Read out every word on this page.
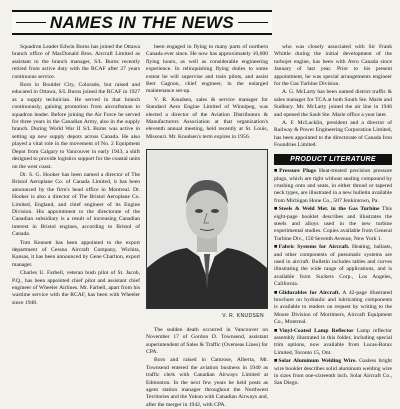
NAMES IN THE NEWS

Squadron Leader Edwin Burns has joined the Ottawa branch office of MacDonald Bros. Aircraft Limited as assistant to the branch manager, S/L Burns recently retired from active duty with the RCAF after 27 years continuous service.

Born in Boulder City, Colorado, but raised and educated in Ottawa, S/L Burns joined the RCAF in 1927 as a supply technician. He served in that branch continuously, gaining promotion from aircraftsman to squadron leader. Before joining the Air Force he served for three years in the Canadian Army, also in the supply branch. During World War II S/L Burns was active in setting up new supply depots across Canada. He also played a vital role in the movement of No. 2 Equipment Depot from Calgary to Vancouver in early 1943, a shift designed to provide logistics support for the coastal units on the west coast.

Dr. S. G. Hooker has been named a director of The Bristol Aeroplane Co. of Canada Limited, it has been announced by the firm's head office in Montreal. Dr. Hooker is also a director of The Bristol Aeroplane Co. Limited, England, and chief engineer of its Engine Division. His appointment to the directorate of the Canadian subsidiary is a result of increasing Canadian interest in Bristol engines, according to Bristol of Canada.

Tom Kennett has been appointed to the export department of Cessna Aircraft Company, Wichita, Kansas, it has been announced by Gene Charlton, export manager.

Charles U. Farbell, veteran bush pilot of St. Jacob, P.Q., has been appointed chief pilot and assistant chief engineer of Wheeler Airlines. Mr. Farbell, apart from his wartime service with the RCAF, has been with Wheeler since 1948.

been engaged in flying to many parts of northern Canada ever since. He now has approximately 10,000 flying hours, as well as considerable engineering experience. In relinquishing flying duties to some extent he will supervise and train pilots, and assist Bert Gagnon, chief engineer, in the enlarged maintenance set-up.

V. R. Knudsen, sales & service manager for Standard Aero Engine Limited of Winnipeg, was elected a director of the Aviation Distributors & Manufacturers Association at that organization's eleventh annual meeting, held recently at St. Louis, Missouri. Mr. Knudsen's term expires in 1956.

V. R. KNUDSEN

The sudden death occurred in Vancouver on November 17 of Gordon D. Townsend, assistant superintendent of Sales & Traffic (Overseas Lines) for CPA.

Born and raised in Camrose, Alberta, Mr. Townsend entered the aviation business in 1940 as traffic clerk with Canadian Airways Limited at Edmonton. In the next few years he held posts as agent station manager throughout the Northwest Territories and the Yukon with Canadian Airways and, after the merger in 1942, with CPA.

who was closely associated with Sir Frank Whittle during the initial development of the turbojet engine, has been with Avro Canada since January of last year. Prior to his present appointment, he was special arrangements engineer for the Gas Turbine Division.

A. G. McLarty has been named district traffic & sales manager for TCA at both South Ste. Marie and Sudbury. Mr. McLarty joined the air line in 1946 and opened the Sault Ste. Marie office a year later.

A. F. McLacklin, president and a director of Railway & Power Engineering Corporation Limited, has been appointed to the directorate of Canada Iron Foundries Limited.

PRODUCT LITERATURE

■Pressure Plugs Heat-treated precision pressure plugs, which are tight without sealing compound by crushing onto and seats, in either thread or tapered neck types, are illustrated in a new bulletin available from Michigan Hone Co., 507 Jenkintown, Pa.

■Steels & Weld Met. in the Gas Turbine This eight-page booklet describes and illustrates the steels and alloys used in the new turbine experimental studies. Copies available from General Turbine Div., 150 Seventh Avenue, New York 1.

■Fabric Systems for Aircraft. Heating, ballasts, and other components of pneumatic systems are used in aircraft. Bulletin includes tables and curves illustrating the wide range of applications, and is available from Suckers Corp., Los Angeles, California.

■Glidurables for Aircraft. A 42-page illustrated brochure on hydraulic and lubricating components is available to readers on request by writing to the Moore Division of Mortimers, Aircraft Equipment Co., Montreal.

■Vinyl-Coated Lamp Reflector Lamp reflector assembly illustrated in this folder, including special trim options, now available from Lucas-Rotax Limited, Toronto 15, Ont.

■Solar Aluminum Welding Wire. Gasless bright wire booklet describes solid aluminum welding wire in sizes from one-sixteenth inch. Solar Aircraft Co., San Diego.
